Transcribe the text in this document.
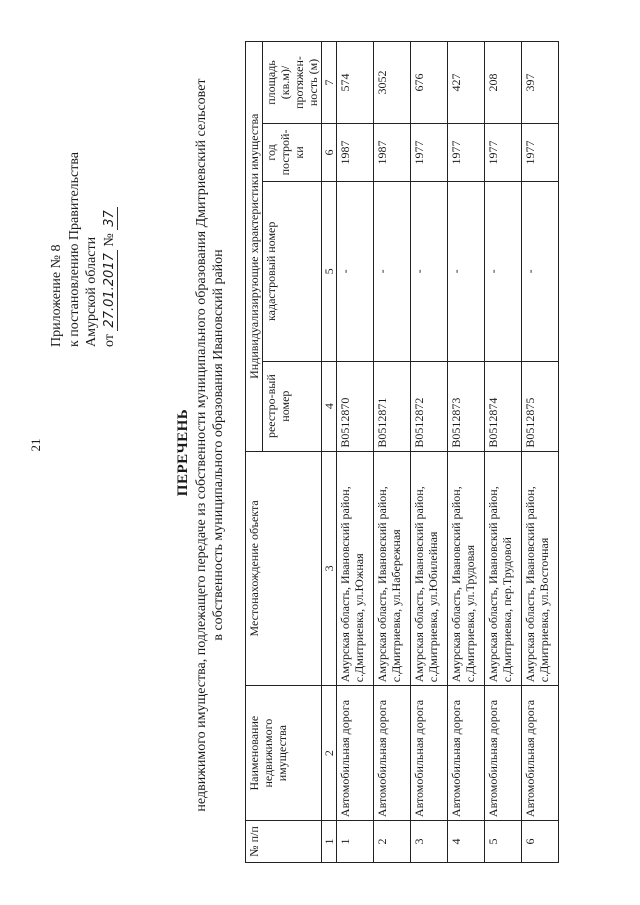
21
Приложение № 8 к постановлению Правительства Амурской области от 27.01.2017 № 37
ПЕРЕЧЕНЬ недвижимого имущества, подлежащего передаче из собственности муниципального образования Дмитриевский сельсовет в собственность муниципального образования Ивановский район
№ п/п	Наименование недвижимого имущества	Местонахождение объекта	Индивидуализирующие характеристики имущества			
			реестро-вый номер	кадастровый номер	год построй-ки	площадь (кв.м)/ протяжен-ность (м)
1	2	3	4	5	6	7
1	Автомобильная дорога	Амурская область, Ивановский район, с.Дмитриевка, ул.Южная	В0512870	-	1987	574
2	Автомобильная дорога	Амурская область, Ивановский район, с.Дмитриевка, ул.Набережная	В0512871	-	1987	3052
3	Автомобильная дорога	Амурская область, Ивановский район, с.Дмитриевка, ул.Юбилейная	В0512872	-	1977	676
4	Автомобильная дорога	Амурская область, Ивановский район, с.Дмитриевка, ул.Трудовая	В0512873	-	1977	427
5	Автомобильная дорога	Амурская область, Ивановский район, с.Дмитриевка, пер.Трудовой	В0512874	-	1977	208
6	Автомобильная дорога	Амурская область, Ивановский район, с.Дмитриевка, ул.Восточная	В0512875	-	1977	397
